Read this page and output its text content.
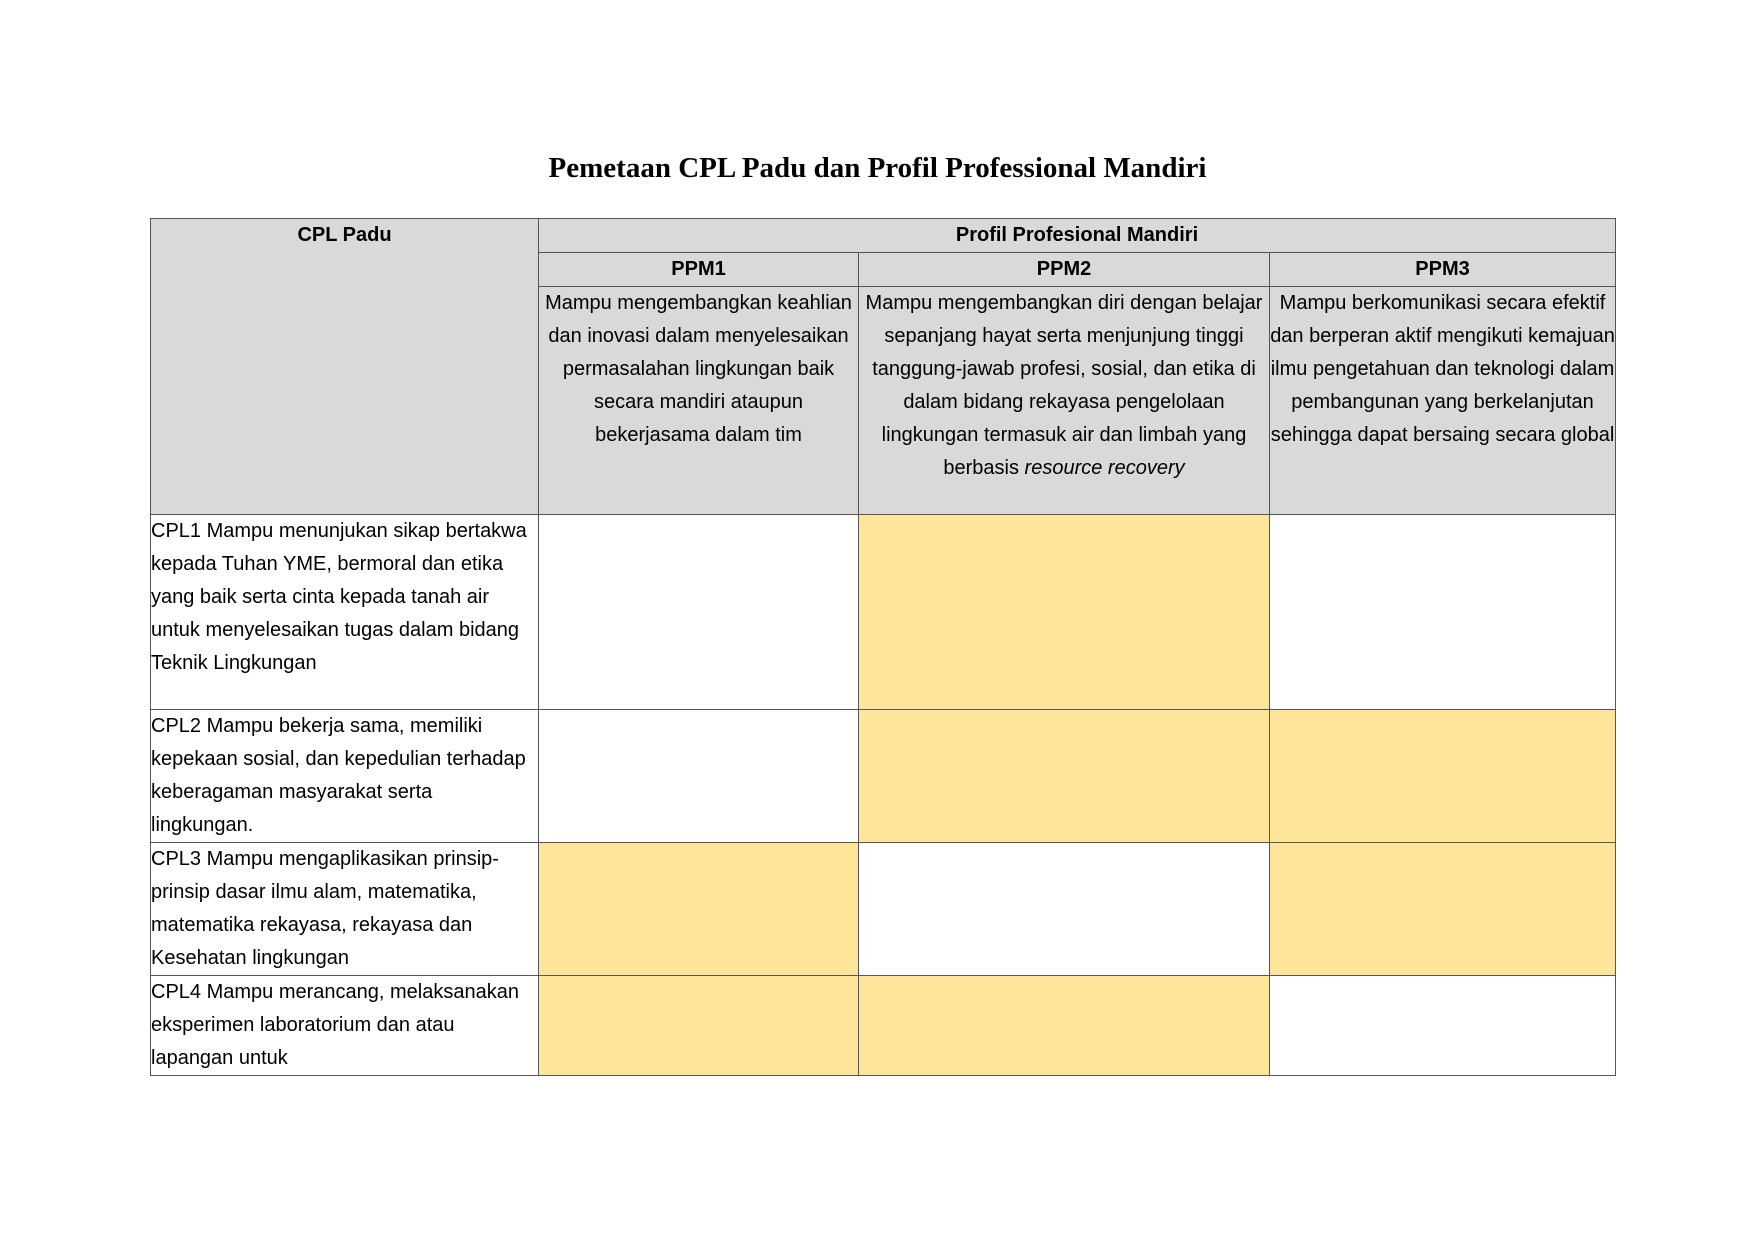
Pemetaan CPL Padu dan Profil Professional Mandiri
CPL Padu	Profil Profesional Mandiri		
	PPM1	PPM2	PPM3
	Mampu mengembangkan keahlian dan inovasi dalam menyelesaikan permasalahan lingkungan baik secara mandiri ataupun bekerjasama dalam tim	Mampu mengembangkan diri dengan belajar sepanjang hayat serta menjunjung tinggi tanggung-jawab profesi, sosial, dan etika di dalam bidang rekayasa pengelolaan lingkungan termasuk air dan limbah yang berbasis resource recovery	Mampu berkomunikasi secara efektif dan berperan aktif mengikuti kemajuan ilmu pengetahuan dan teknologi dalam pembangunan yang berkelanjutan sehingga dapat bersaing secara global
CPL1 Mampu menunjukan sikap bertakwa kepada Tuhan YME, bermoral dan etika yang baik serta cinta kepada tanah air untuk menyelesaikan tugas dalam bidang Teknik Lingkungan			
CPL2 Mampu bekerja sama, memiliki kepekaan sosial, dan kepedulian terhadap keberagaman masyarakat serta lingkungan.			
CPL3 Mampu mengaplikasikan prinsip-prinsip dasar ilmu alam, matematika, matematika rekayasa, rekayasa dan Kesehatan lingkungan			
CPL4 Mampu merancang, melaksanakan eksperimen laboratorium dan atau lapangan untuk			
